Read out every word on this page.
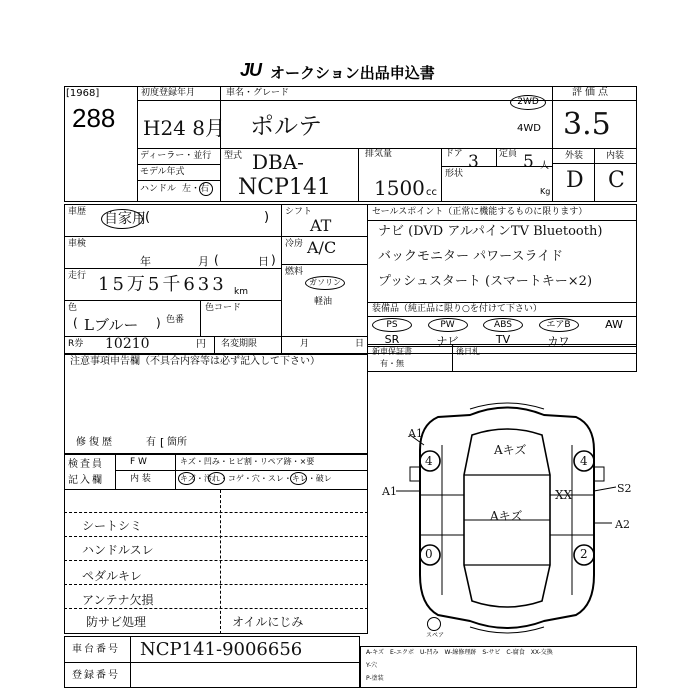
JU オークション出品申込書
[1968]
288
初度登録年月	車名・グレード
H24 8月 ポルテ
2WD
4WD
評価点
3.5
外装	内装
D C
ディーラー・並行
モデル年式
ハンドル 左・右
型式 DBA-
NCP141
排気量
1500 cc
ドア 3 定員 5 人
形状
Kg
車歴 自家用 (	)
車検
年	月 (	日 )
走行 15万5千633 km
色
Lブルー
(	) 色番
色コード
R券 10210	円 名変期限	月	日
シフト
AT
冷房 A/C
燃料
ガソリン
軽油
セールスポイント（正常に機能するものに限ります）
ナビ (DVD アルパインTV Bluetooth)
バックモニター パワースライド
プッシュスタート (スマートキー×2)
装備品（純正品に限り○を付けて下さい）
PS	PW	ABS	エアB	AW
SR	ナビ	TV	カワ
新車保証書
有・無
後日札
注意事項申告欄（不具合内容等は必ず記入して下さい）
修復歴	有 [ 箇所
検査員
記入欄
F W
内 装
キズ・凹み・ヒビ割・リペア跡・×要
キズ・汚れ・コゲ・穴・スレ・キレ・破レ
シートシミ
ハンドルスレ
ペダルキレ
アンテナ欠損
防サビ処理	オイルにじみ
A1
A1	XX	S2
A2
Aキズ
Aキズ
4	4
0	2
スペア
車台番号 NCP141-9006656
登録番号
A-キズ　E-エクボ　U-凹み　W-線修理跡　S-サビ　C-腐食　XX-交換
Y-穴
P-塗装
